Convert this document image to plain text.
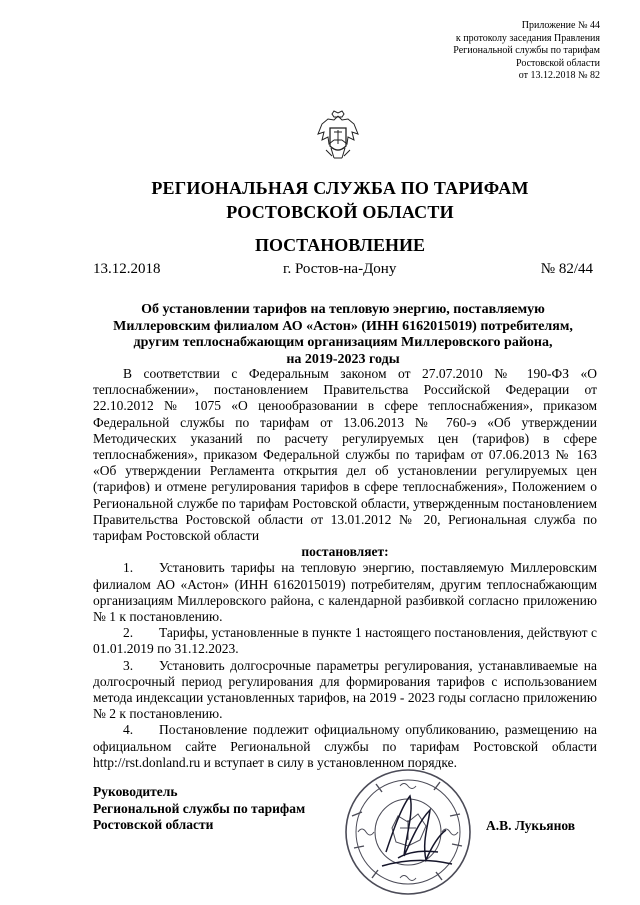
Приложение № 44
к протоколу заседания Правления
Региональной службы по тарифам
Ростовской области
от 13.12.2018 № 82
РЕГИОНАЛЬНАЯ СЛУЖБА ПО ТАРИФАМ
РОСТОВСКОЙ ОБЛАСТИ
ПОСТАНОВЛЕНИЕ
13.12.2018	г. Ростов-на-Дону	№ 82/44
Об установлении тарифов на тепловую энергию, поставляемую
Миллеровским филиалом АО «Астон» (ИНН 6162015019) потребителям,
другим теплоснабжающим организациям Миллеровского района,
на 2019-2023 годы

В соответствии с Федеральным законом от 27.07.2010 № 190-ФЗ «О теплоснабжении», постановлением Правительства Российской Федерации от 22.10.2012 № 1075 «О ценообразовании в сфере теплоснабжения», приказом Федеральной службы по тарифам от 13.06.2013 № 760-э «Об утверждении Методических указаний по расчету регулируемых цен (тарифов) в сфере теплоснабжения», приказом Федеральной службы по тарифам от 07.06.2013 № 163 «Об утверждении Регламента открытия дел об установлении регулируемых цен (тарифов) и отмене регулирования тарифов в сфере теплоснабжения», Положением о Региональной службе по тарифам Ростовской области, утвержденным постановлением Правительства Ростовской области от 13.01.2012 № 20, Региональная служба по тарифам Ростовской области

постановляет:

1. Установить тарифы на тепловую энергию, поставляемую Миллеровским филиалом АО «Астон» (ИНН 6162015019) потребителям, другим теплоснабжающим организациям Миллеровского района, с календарной разбивкой согласно приложению № 1 к постановлению.

2. Тарифы, установленные в пункте 1 настоящего постановления, действуют с 01.01.2019 по 31.12.2023.

3. Установить долгосрочные параметры регулирования, устанавливаемые на долгосрочный период регулирования для формирования тарифов с использованием метода индексации установленных тарифов, на 2019 - 2023 годы согласно приложению № 2 к постановлению.

4. Постановление подлежит официальному опубликованию, размещению на официальном сайте Региональной службы по тарифам Ростовской области http://rst.donland.ru и вступает в силу в установленном порядке.

Руководитель
Региональной службы по тарифам
Ростовской области	А.В. Лукьянов
